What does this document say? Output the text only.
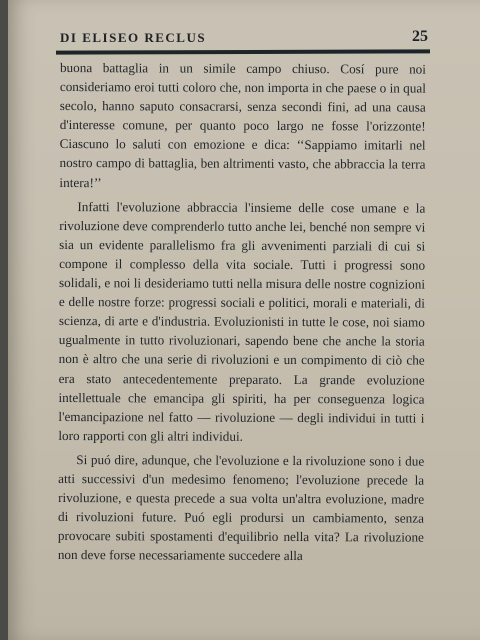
DI ELISEO RECLUS	25

buona battaglia in un simile campo chiuso. Cosí pure noi consideriamo eroi tutti coloro che, non importa in che paese o in qual secolo, hanno saputo consacrarsi, senza secondi fini, ad una causa d'interesse comune, per quanto poco largo ne fosse l'orizzonte! Ciascuno lo saluti con emozione e dica: ‘‘Sappiamo imitarli nel nostro campo di battaglia, ben altrimenti vasto, che abbraccia la terra intera!’’

Infatti l'evoluzione abbraccia l'insieme delle cose umane e la rivoluzione deve comprenderlo tutto anche lei, benché non sempre vi sia un evidente parallelismo fra gli avvenimenti parziali di cui si compone il complesso della vita sociale. Tutti i progressi sono solidali, e noi li desideriamo tutti nella misura delle nostre cognizioni e delle nostre forze: progressi sociali e politici, morali e materiali, di scienza, di arte e d'industria. Evoluzionisti in tutte le cose, noi siamo ugualmente in tutto rivoluzionari, sapendo bene che anche la storia non è altro che una serie di rivoluzioni e un compimento di ciò che era stato antecedentemente preparato. La grande evoluzione intellettuale che emancipa gli spiriti, ha per conseguenza logica l'emancipazione nel fatto — rivoluzione — degli individui in tutti i loro rapporti con gli altri individui.

Si puó dire, adunque, che l'evoluzione e la rivoluzione sono i due atti successivi d'un medesimo fenomeno; l'evoluzione precede la rivoluzione, e questa precede a sua volta un'altra evoluzione, madre di rivoluzioni future. Puó egli prodursi un cambiamento, senza provocare subiti spostamenti d'equilibrio nella vita? La rivoluzione non deve forse necessariamente succedere alla
